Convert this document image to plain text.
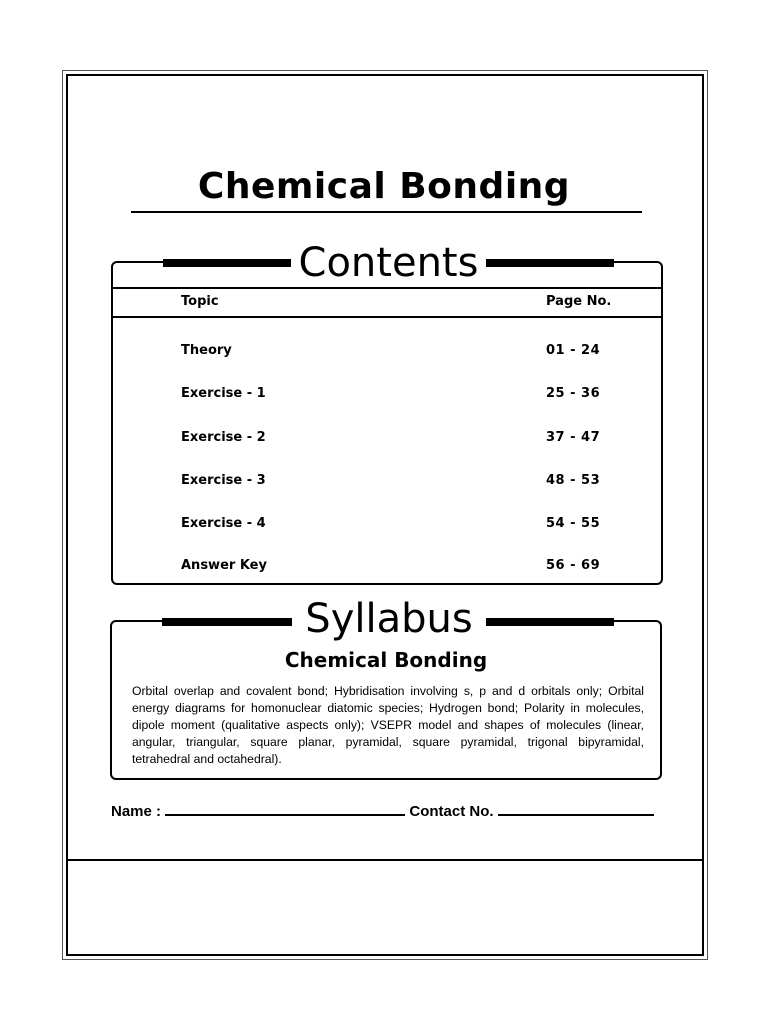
Chemical Bonding
Contents
Topic	Page No.
Theory	01 - 24
Exercise - 1	25 - 36
Exercise - 2	37 - 47
Exercise - 3	48 - 53
Exercise - 4	54 - 55
Answer Key	56 - 69
Syllabus
Chemical Bonding
Orbital overlap and covalent bond; Hybridisation involving s, p and d orbitals only; Orbital energy diagrams for homonuclear diatomic species; Hydrogen bond; Polarity in molecules, dipole moment (qualitative aspects only); VSEPR model and shapes of molecules (linear, angular, triangular, square planar, pyramidal, square pyramidal, trigonal bipyramidal, tetrahedral and octahedral).
Name :	Contact No.
